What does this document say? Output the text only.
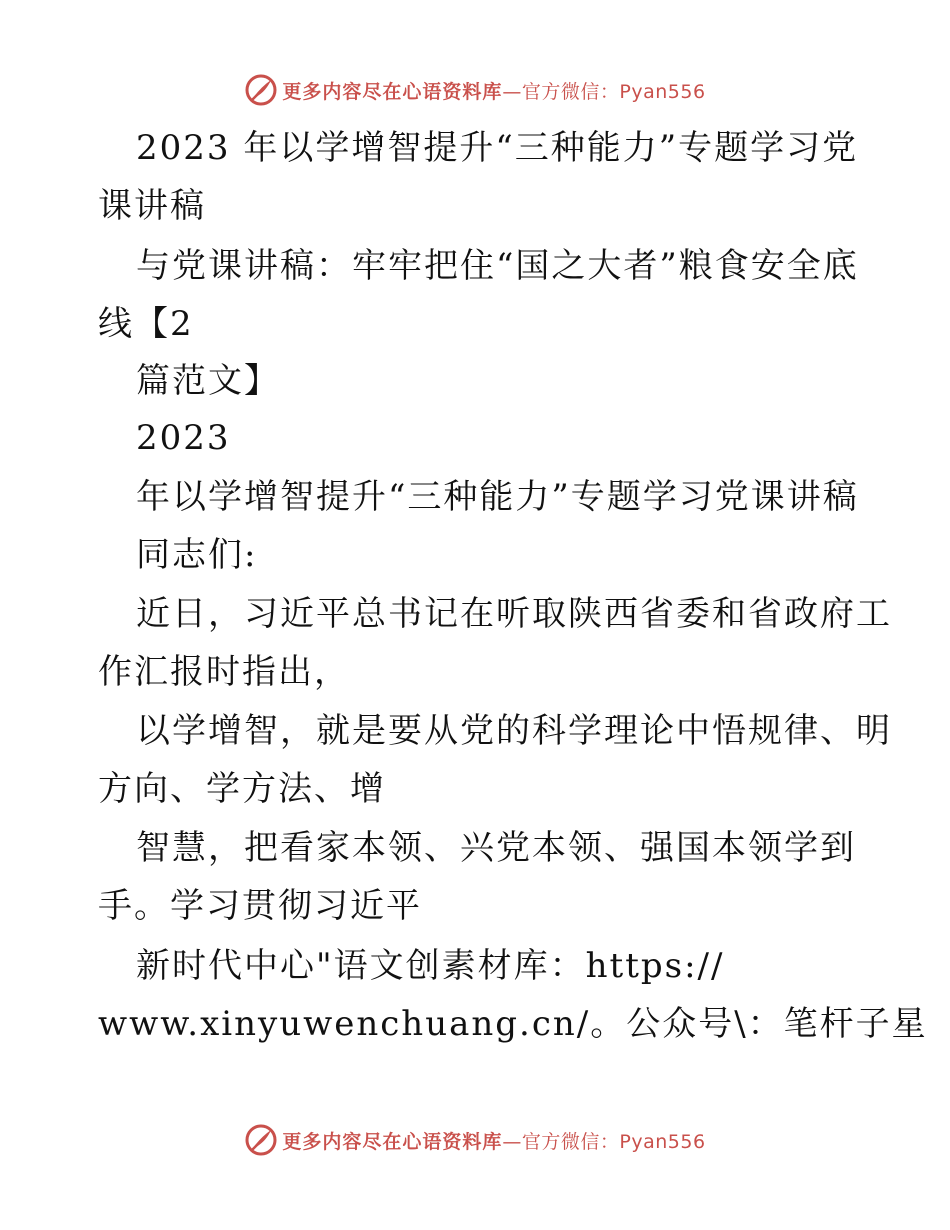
更多内容尽在心语资料库 —官方微信：Pyan556
2023 年以学增智提升“三种能力”专题学习党
课讲稿
与党课讲稿：牢牢把住“国之大者”粮食安全底
线【2
篇范文】
2023
年以学增智提升“三种能力”专题学习党课讲稿
同志们:
近日，习近平总书记在听取陕西省委和省政府工
作汇报时指出，
以学增智，就是要从党的科学理论中悟规律、明
方向、学方法、增
智慧，把看家本领、兴党本领、强国本领学到
手。学习贯彻习近平
新时代中心"语文创素材库：https://
www.xinyuwenchuang.cn/。公众号\：笔杆子星
更多内容尽在心语资料库 —官方微信：Pyan556
